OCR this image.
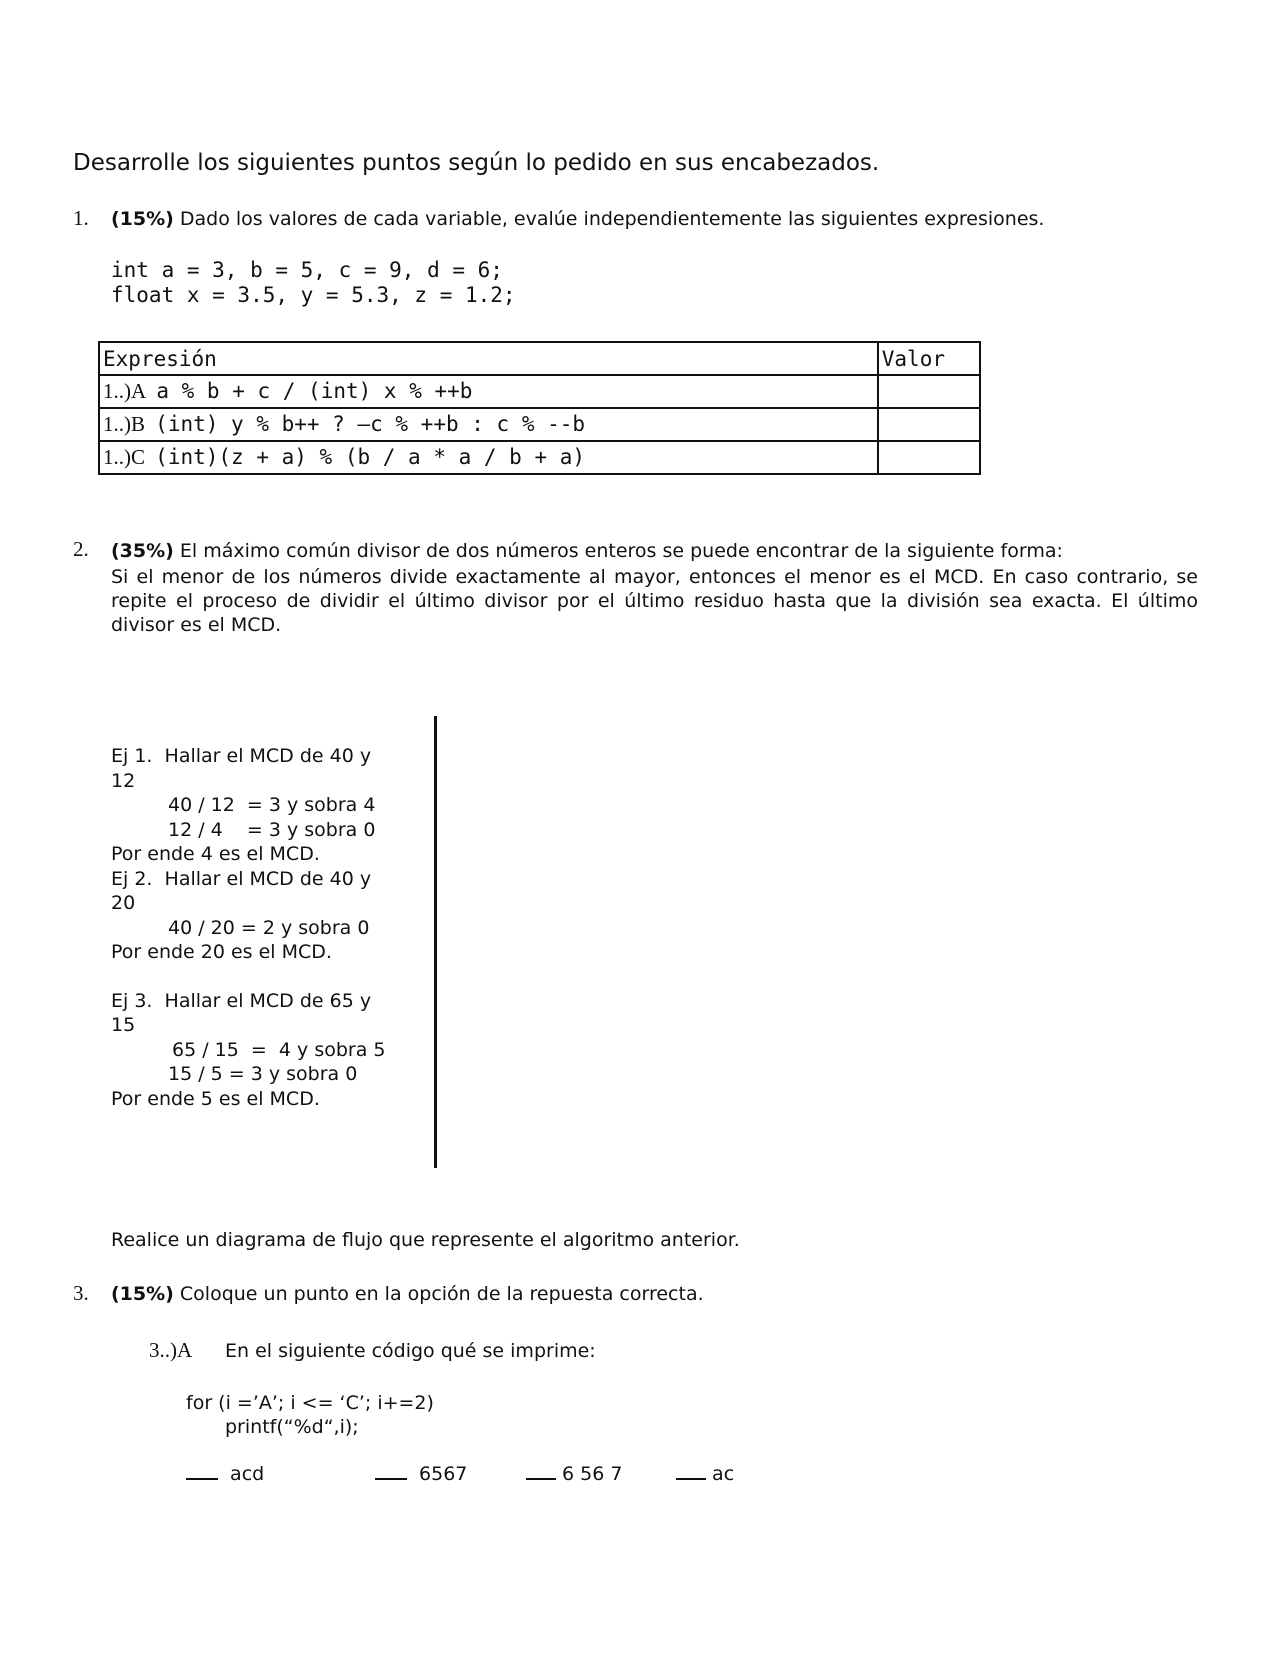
Desarrolle los siguientes puntos según lo pedido en sus encabezados.
1. (15%) Dado los valores de cada variable, evalúe independientemente las siguientes expresiones.
int a = 3, b = 5, c = 9, d = 6;
float x = 3.5, y = 5.3, z = 1.2;
Expresión	Valor
1..)A a % b + c / (int) x % ++b	
1..)B (int) y % b++ ? –c % ++b : c % --b	
1..)C (int)(z + a) % (b / a * a / b + a)	
2. (35%) El máximo común divisor de dos números enteros se puede encontrar de la siguiente forma:
Si el menor de los números divide exactamente al mayor, entonces el menor es el MCD. En caso contrario, se repite el proceso de dividir el último divisor por el último residuo hasta que la división sea exacta. El último divisor es el MCD.
Ej 1.  Hallar el MCD de 40 y 12
40 / 12  = 3 y sobra 4
12 / 4    = 3 y sobra 0
Por ende 4 es el MCD.
Ej 2.  Hallar el MCD de 40 y 20
40 / 20 = 2 y sobra 0
Por ende 20 es el MCD.
Ej 3.  Hallar el MCD de 65 y 15
65 / 15  =  4 y sobra 5
15 / 5 = 3 y sobra 0
Por ende 5 es el MCD.
Realice un diagrama de flujo que represente el algoritmo anterior.
3. (15%) Coloque un punto en la opción de la repuesta correcta.
3..)A En el siguiente código qué se imprime:
for (i =’A’; i <= ‘C’; i+=2)
printf(“%d“,i);
acd	6567	6 56 7	ac
